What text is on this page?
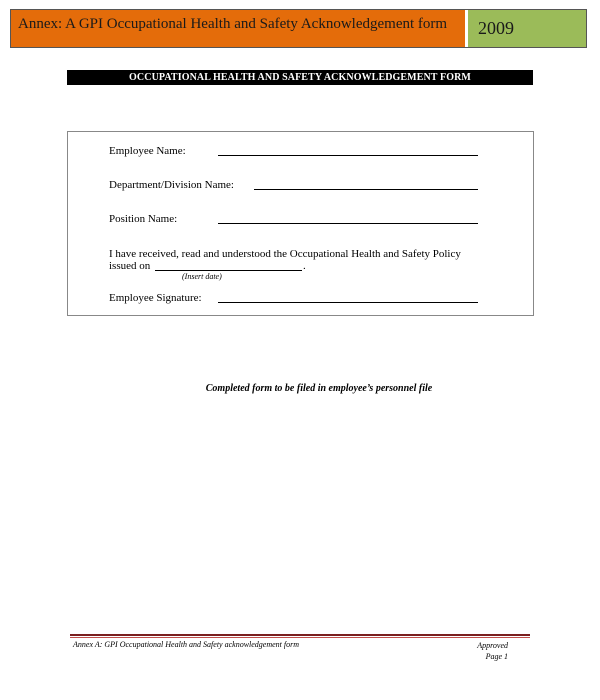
Annex: A GPI Occupational Health and Safety Acknowledgement form	2009
OCCUPATIONAL HEALTH AND SAFETY ACKNOWLEDGEMENT FORM
Employee Name:
Department/Division Name:
Position Name:
I have received, read and understood the Occupational Health and Safety Policy
issued on	.
(Insert date)
Employee Signature:
Completed form to be filed in employee’s personnel file
Annex A: GPI Occupational Health and Safety acknowledgement form	Approved
Page 1
